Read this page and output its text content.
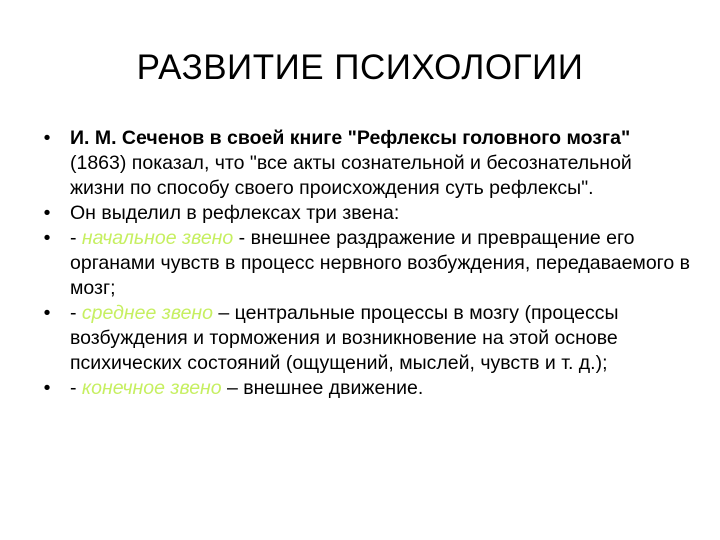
РАЗВИТИЕ ПСИХОЛОГИИ
• И. М. Сеченов в своей книге "Рефлексы головного мозга" (1863) показал, что "все акты сознательной и бесознательной жизни по способу своего происхождения суть рефлексы".
• Он выделил в рефлексах три звена:
• - начальное звено - внешнее раздражение и превращение его органами чувств в процесс нервного возбуждения, передаваемого в мозг;
• - среднее звено – центральные процессы в мозгу (процессы возбуждения и торможения и возникновение на этой основе психических состояний (ощущений, мыслей, чувств и т. д.);
• - конечное звено – внешнее движение.
